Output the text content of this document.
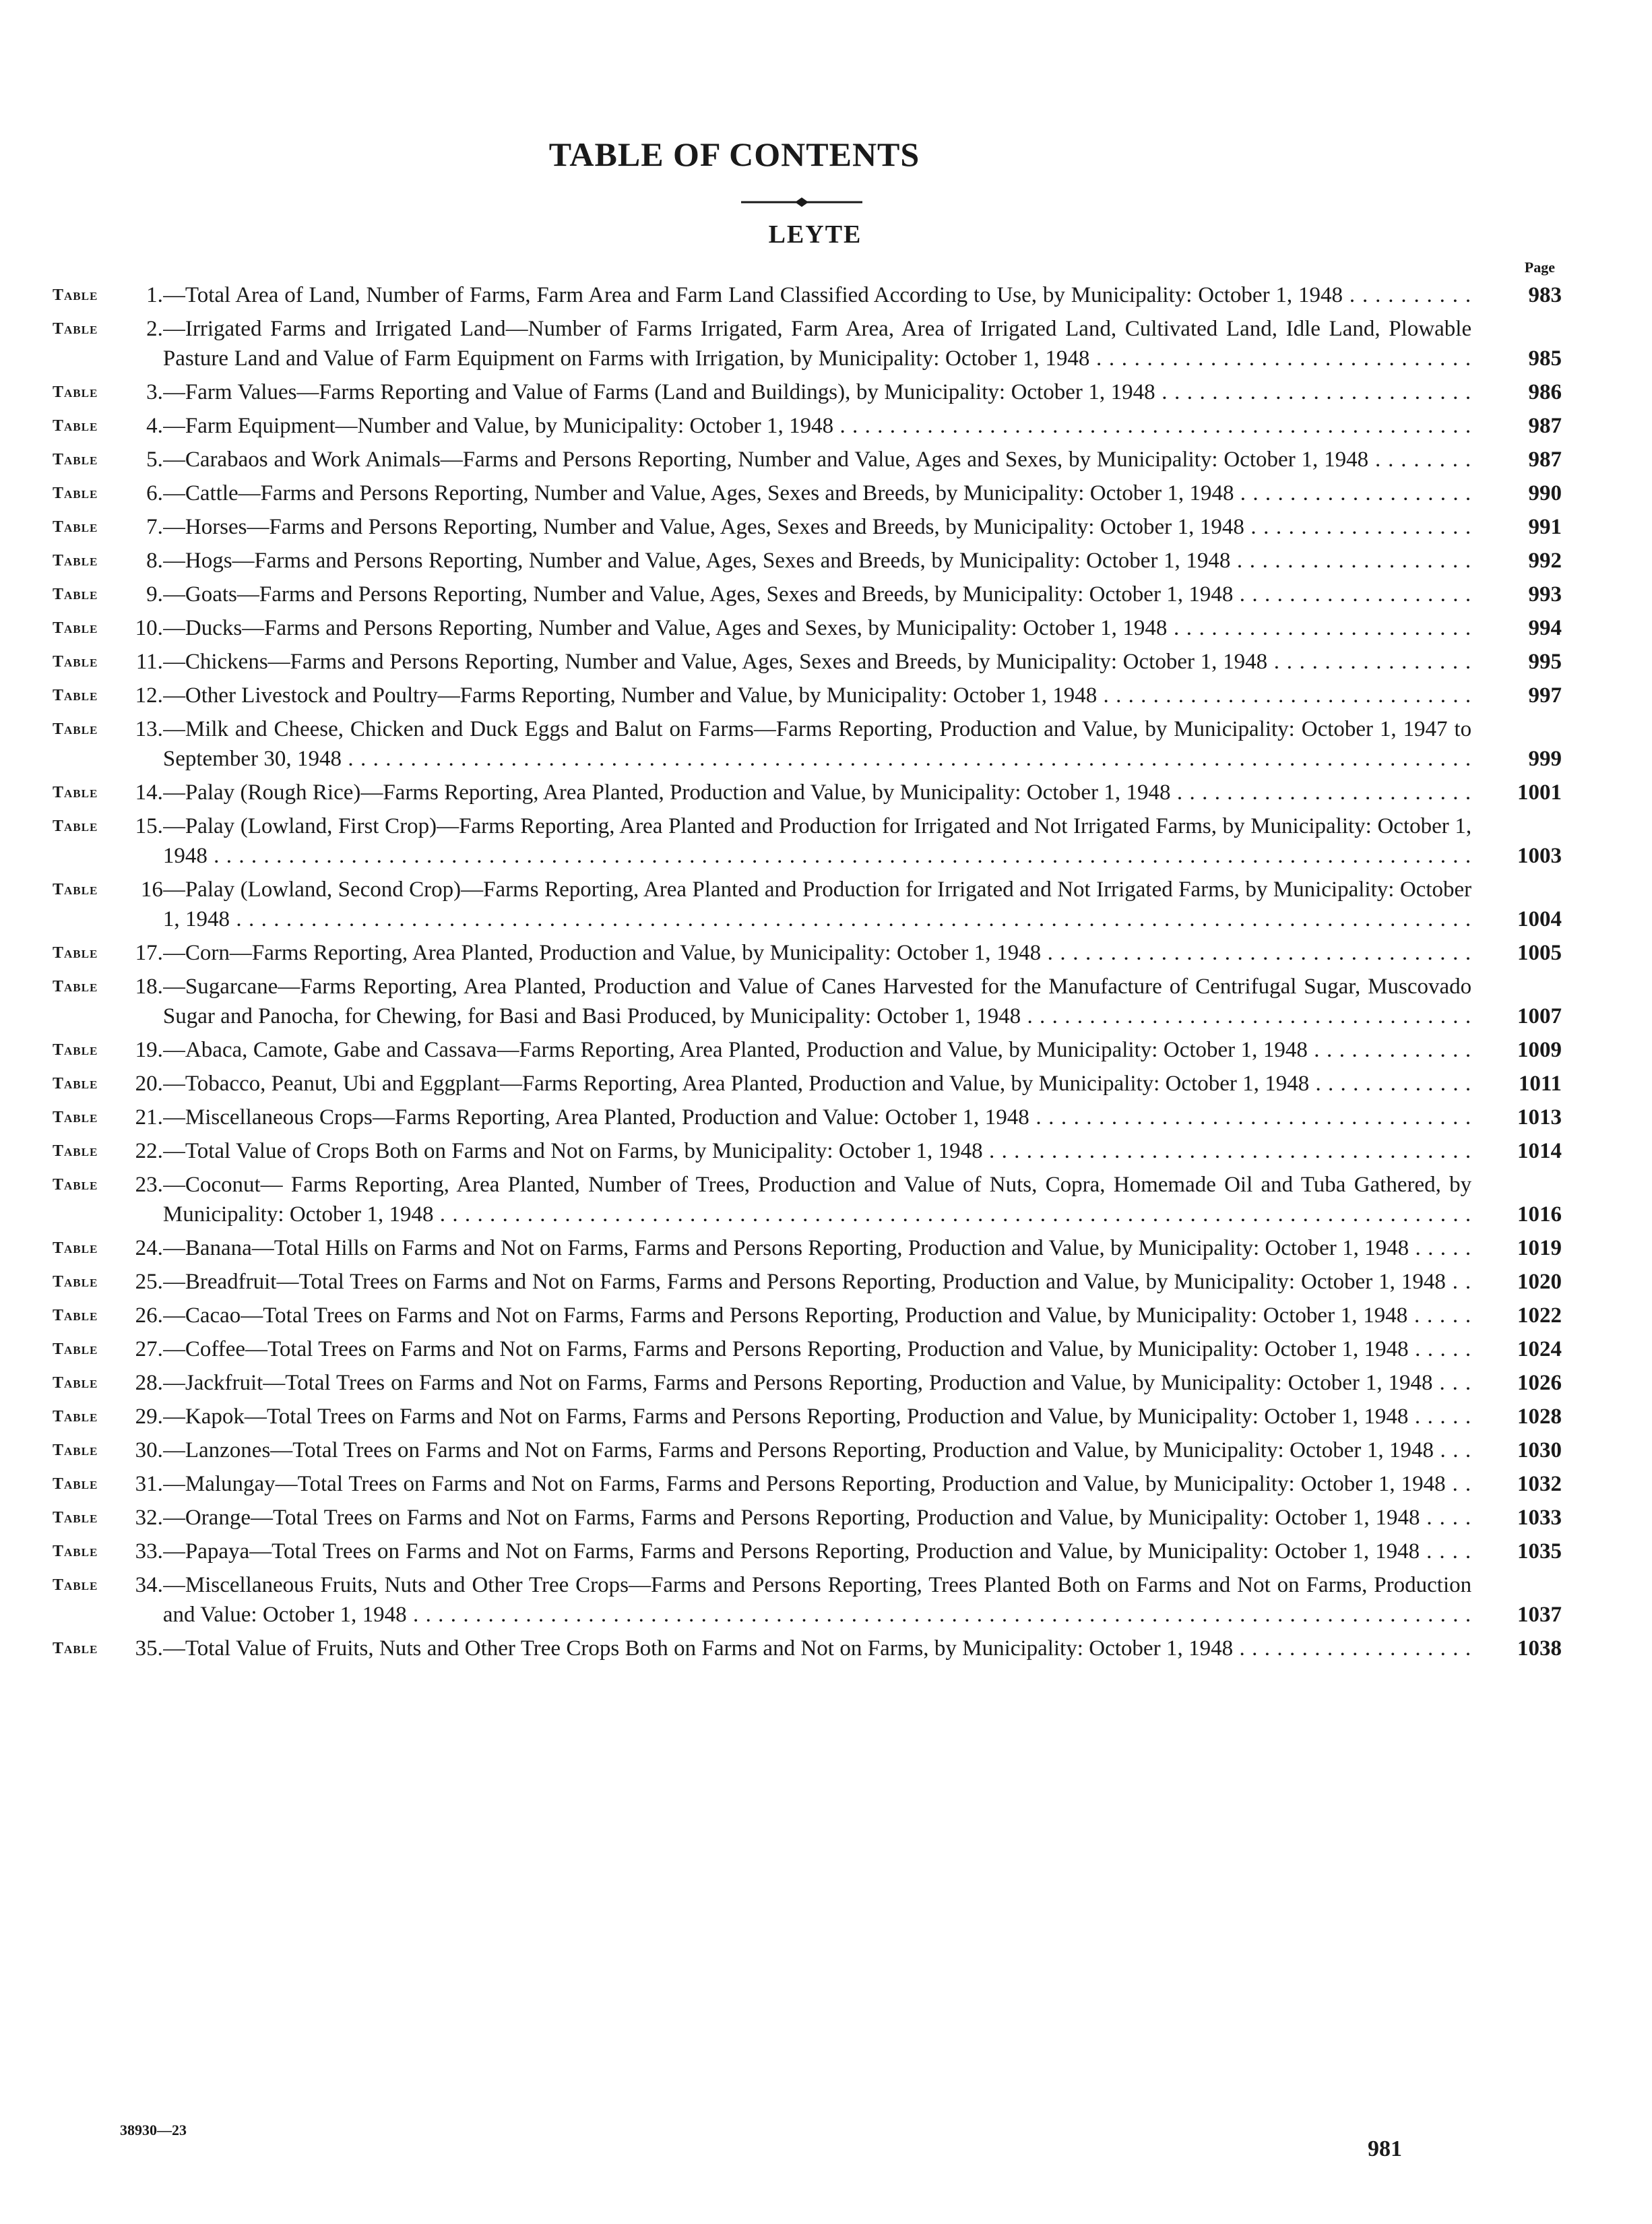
TABLE OF CONTENTS
LEYTE
Page
Table	1. —Total Area of Land, Number of Farms, Farm Area and Farm Land Classified According to Use, by Municipality: October 1, 1948 . . .	983
Table	2. —Irrigated Farms and Irrigated Land—Number of Farms Irrigated, Farm Area, Area of Irrigated Land, Cultivated Land, Idle Land, Plowable Pasture Land and Value of Farm Equipment on Farms with Irrigation, by Municipality: October 1, 1948 . . .	985
Table	3. —Farm Values—Farms Reporting and Value of Farms (Land and Buildings), by Municipality: October 1, 1948 . . .	986
Table	4. —Farm Equipment—Number and Value, by Municipality: October 1, 1948 . . .	987
Table	5. —Carabaos and Work Animals—Farms and Persons Reporting, Number and Value, Ages and Sexes, by Municipality: October 1, 1948 . . .	987
Table	6. —Cattle—Farms and Persons Reporting, Number and Value, Ages, Sexes and Breeds, by Municipality: October 1, 1948 . . .	990
Table	7. —Horses—Farms and Persons Reporting, Number and Value, Ages, Sexes and Breeds, by Municipality: October 1, 1948 . . .	991
Table	8. —Hogs—Farms and Persons Reporting, Number and Value, Ages, Sexes and Breeds, by Municipality: October 1, 1948 . . .	992
Table	9. —Goats—Farms and Persons Reporting, Number and Value, Ages, Sexes and Breeds, by Municipality: October 1, 1948 . . .	993
Table	10. —Ducks—Farms and Persons Reporting, Number and Value, Ages and Sexes, by Municipality: October 1, 1948 . . .	994
Table	11. —Chickens—Farms and Persons Reporting, Number and Value, Ages, Sexes and Breeds, by Municipality: October 1, 1948 . . .	995
Table	12. —Other Livestock and Poultry—Farms Reporting, Number and Value, by Municipality: October 1, 1948 . . .	997
Table	13. —Milk and Cheese, Chicken and Duck Eggs and Balut on Farms—Farms Reporting, Production and Value, by Municipality: October 1, 1947 to September 30, 1948 . . .	999
Table	14. —Palay (Rough Rice)—Farms Reporting, Area Planted, Production and Value, by Municipality: October 1, 1948 . . .	1001
Table	15. —Palay (Lowland, First Crop)—Farms Reporting, Area Planted and Production for Irrigated and Not Irrigated Farms, by Municipality: October 1, 1948 . . .	1003
Table	16 —Palay (Lowland, Second Crop)—Farms Reporting, Area Planted and Production for Irrigated and Not Irrigated Farms, by Municipality: October 1, 1948 . . .	1004
Table	17. —Corn—Farms Reporting, Area Planted, Production and Value, by Municipality: October 1, 1948 . . .	1005
Table	18. —Sugarcane—Farms Reporting, Area Planted, Production and Value of Canes Harvested for the Manufacture of Centrifugal Sugar, Muscovado Sugar and Panocha, for Chewing, for Basi and Basi Produced, by Municipality: October 1, 1948 . . .	1007
Table	19. —Abaca, Camote, Gabe and Cassava—Farms Reporting, Area Planted, Production and Value, by Municipality: October 1, 1948 . . .	1009
Table	20. —Tobacco, Peanut, Ubi and Eggplant—Farms Reporting, Area Planted, Production and Value, by Municipality: October 1, 1948 . . .	1011
Table	21. —Miscellaneous Crops—Farms Reporting, Area Planted, Production and Value: October 1, 1948 . . .	1013
Table	22. —Total Value of Crops Both on Farms and Not on Farms, by Municipality: October 1, 1948 . . .	1014
Table	23. —Coconut— Farms Reporting, Area Planted, Number of Trees, Production and Value of Nuts, Copra, Homemade Oil and Tuba Gathered, by Municipality: October 1, 1948 . . .	1016
Table	24. —Banana—Total Hills on Farms and Not on Farms, Farms and Persons Reporting, Production and Value, by Municipality: October 1, 1948 . . .	1019
Table	25. —Breadfruit—Total Trees on Farms and Not on Farms, Farms and Persons Reporting, Production and Value, by Municipality: October 1, 1948 . . .	1020
Table	26. —Cacao—Total Trees on Farms and Not on Farms, Farms and Persons Reporting, Production and Value, by Municipality: October 1, 1948 . . .	1022
Table	27. —Coffee—Total Trees on Farms and Not on Farms, Farms and Persons Reporting, Production and Value, by Municipality: October 1, 1948 . . .	1024
Table	28. —Jackfruit—Total Trees on Farms and Not on Farms, Farms and Persons Reporting, Production and Value, by Municipality: October 1, 1948 . . .	1026
Table	29. —Kapok—Total Trees on Farms and Not on Farms, Farms and Persons Reporting, Production and Value, by Municipality: October 1, 1948 . . .	1028
Table	30. —Lanzones—Total Trees on Farms and Not on Farms, Farms and Persons Reporting, Production and Value, by Municipality: October 1, 1948 . . .	1030
Table	31. —Malungay—Total Trees on Farms and Not on Farms, Farms and Persons Reporting, Production and Value, by Municipality: October 1, 1948 . . .	1032
Table	32. —Orange—Total Trees on Farms and Not on Farms, Farms and Persons Reporting, Production and Value, by Municipality: October 1, 1948 . . .	1033
Table	33. —Papaya—Total Trees on Farms and Not on Farms, Farms and Persons Reporting, Production and Value, by Municipality: October 1, 1948 . . .	1035
Table	34. —Miscellaneous Fruits, Nuts and Other Tree Crops—Farms and Persons Reporting, Trees Planted Both on Farms and Not on Farms, Production and Value: October 1, 1948 . . .	1037
Table	35. —Total Value of Fruits, Nuts and Other Tree Crops Both on Farms and Not on Farms, by Municipality: October 1, 1948 . . .	1038
38930—23
981
